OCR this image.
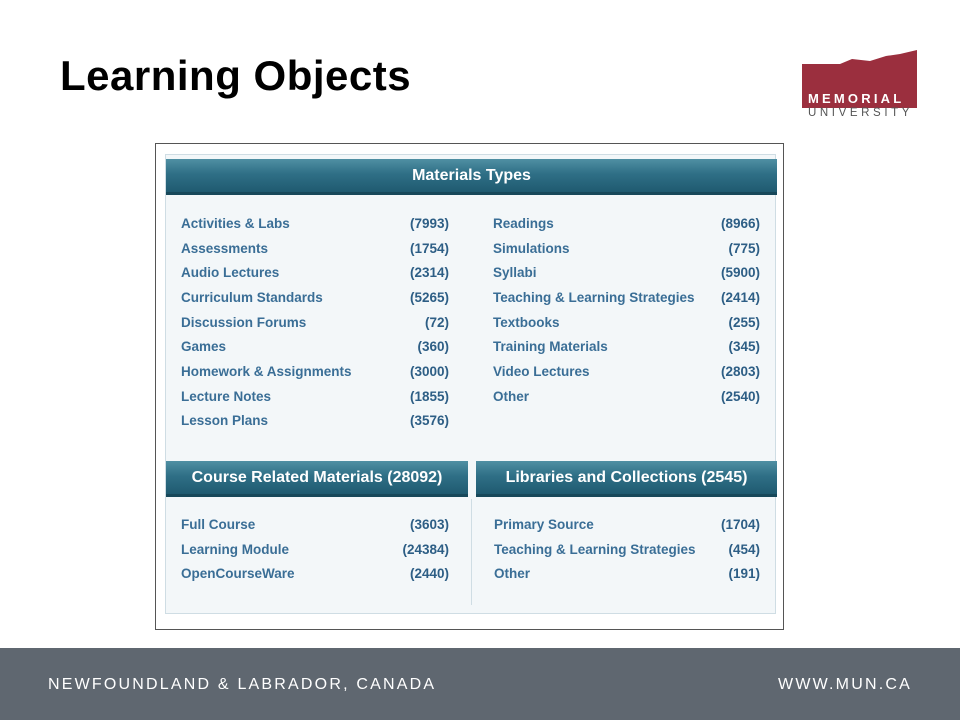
Learning Objects	MEMORIAL
UNIVERSITY
Materials Types
Activities & Labs	(7993)
Assessments	(1754)
Audio Lectures	(2314)
Curriculum Standards	(5265)
Discussion Forums	(72)
Games	(360)
Homework & Assignments	(3000)
Lecture Notes	(1855)
Lesson Plans	(3576)
Readings	(8966)
Simulations	(775)
Syllabi	(5900)
Teaching & Learning Strategies (2414)
Textbooks	(255)
Training Materials	(345)
Video Lectures	(2803)
Other	(2540)
Course Related Materials (28092)	Libraries and Collections (2545)
Full Course	(3603)
Learning Module	(24384)
OpenCourseWare	(2440)
Primary Source	(1704)
Teaching & Learning Strategies (454)
Other	(191)
NEWFOUNDLAND & LABRADOR, CANADA	WWW.MUN.CA
